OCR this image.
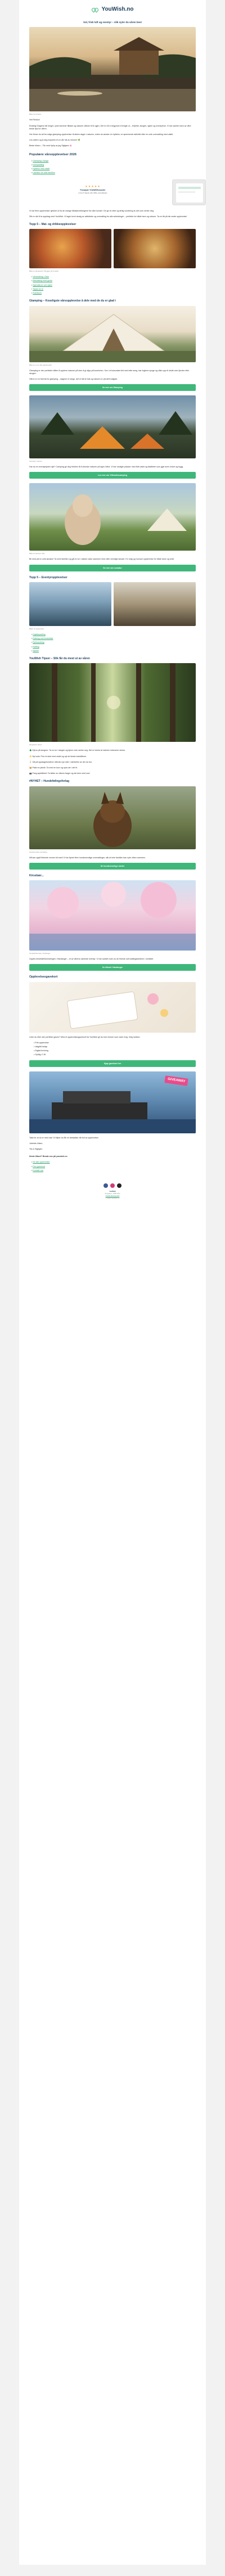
YouWish.no
Sol, frisk luft og eventyr – slik nyter du våren best
Bilde fra Kvitseid

Hei Reidun!

Endelig! Dagene blir lengre, lyset kommer tilbake og naturen våkner til liv igjen. Det er nå vi begynner å lengte ut – til fjellet, skogen, sjøen og eventyrene. Vi har samlet noen av våre beste tips for våren.

Her finner du alt fra rolige glamping-opplevelser til aktive dager i naturen, enten du ønsker en hyttetur, en spennende aktivitet eller en unik overnatting med utsikt.

Les videre og la deg inspirere til en vår full av minner! 🌿

Beste hilsen – Tilo med hjelp av jeg Sigbjørn 🌸

Populære vårsopplevelser 2026
• Glamping i Norge
• Kanopadling
• Hyttetur med utsikt
• Lamatur for hele familien
★★★★★
Fornøyde YOUWISH-kunder
4.9 av 5 basert på 2 000+ anmeldelser

Vi har flere opplevelser sjekket ut fra de mange tilbakemeldingene fra våre kunder. De gir en ekte og ærlig vurdering av det som venter deg.

Slik er det å ta oppdrag med YouWish: Vi lager bred utvalg av aktiviteter og ovenatting for alle anledninger – perfekte for både barn og voksne. Ta en titt på din neste opplevelse!

Topp 5 – Mat- og drikkeopplevelser
Bilde av Restaurant / Bryggeri på Youwish
• Vinsmaking i Oslo
• Ølsmaking med guide
• Sjømatkurs ved sjøen
• Tapas for to
• Sushikurs
Glamping – Koseligste vårsopplevelse å dele med de du er glad i
Bilde av en av våre glampingtelt

Glamping er den perfekte måten å oppleve naturen på uten å gi slipp på komforten. Sov i et luksuriøst telt med ekte seng, hør fuglene synge og våkn opp til utsikt over fjorden eller skogen.

Våren er en flott tid for glamping – dagene er lange, det er færre folk og naturen er på sitt frodigste.

Se mer om Glamping
Camping i naturen

Har du en eventyrlysten sjel? Camping gir deg friheten til å utforske naturen på egen hånd. Vi har utvalgte plasser med flott utsikt og fasiliteter som gjør turen enkel og trygg.

Les mer om Villmarkscamping
Bilde av lamaene våre

Bli med på en unik lamatur! Ta med familien og gå en tur i vakker natur sammen med våre vennlige lamaer. En rolig og morsom opplevelse for både store og små.

Se mer om Lamatur
Topp 5 – Eventyropplevelser
Bilder fra opplevelser
• Kajakkpadling
• Klatring med instruktør
• Fjellvandring
• Rafting
• Zipline
YouWish Tipser – Slik får du mest ut av våren
Skogsbad i vårsol

🌲 Kjenn på skogsro: Ta en tur i skogen og kjenn roen senke seg. Det er bevist at naturen reduserer stress.

☀️ Nyt sola: Finn et sted med utsikt og nyt de første solstrålene.

🚶 Gå på oppdagelsesferd: Utforsk nye stier i nærheten av der du bor.

🧺 Pakk en piknik: Ta med en kurv og spis ute i det fri.

📷 Fang øyeblikket: Ta bilder av vårens farger og del dem med oss!

#NYHET – Hundefølingsforlag
Hundevennlig overnatting

Nå kan også firbeinte venner bli med! Vi har åpnet flere hundevennlige overnattinger, slik at hele familien kan nyte våren sammen.

Se hundevennlige steder
Kirsebær...
Kirsebærblomster i Hardanger

Opplev kirsebærblomstringen i Hardanger – et av vårens vakreste eventyr. Vi har samlet noen av de fineste overnattingsstedene i området.

Se tilbud i Hardanger
Opplevelsesgavekort

Leter du etter den perfekte gaven? Med et opplevelsesgavekort fra YouWish gir du bort minner som varer evig. Velg mellom:

• Fritt opplevelse
• Valgfritt beløp
• Digital levering
• Gyldig i 2 år
Kjøp gavekort her
GIVEAWAY

Takk for at du er med oss! Vi håper du får en fantastisk vår full av opplevelser.

Jubelvis hilsen,

Tilo & Sigbjørn

Neste tilbud? Besøk oss på youwish.no

• Se alle opplevelser
• Finn gavekort
• Kontakt oss
YouWish
Storgata 1, 0155 Oslo
Avslutt abonnement
© 2026 YouWish.no
